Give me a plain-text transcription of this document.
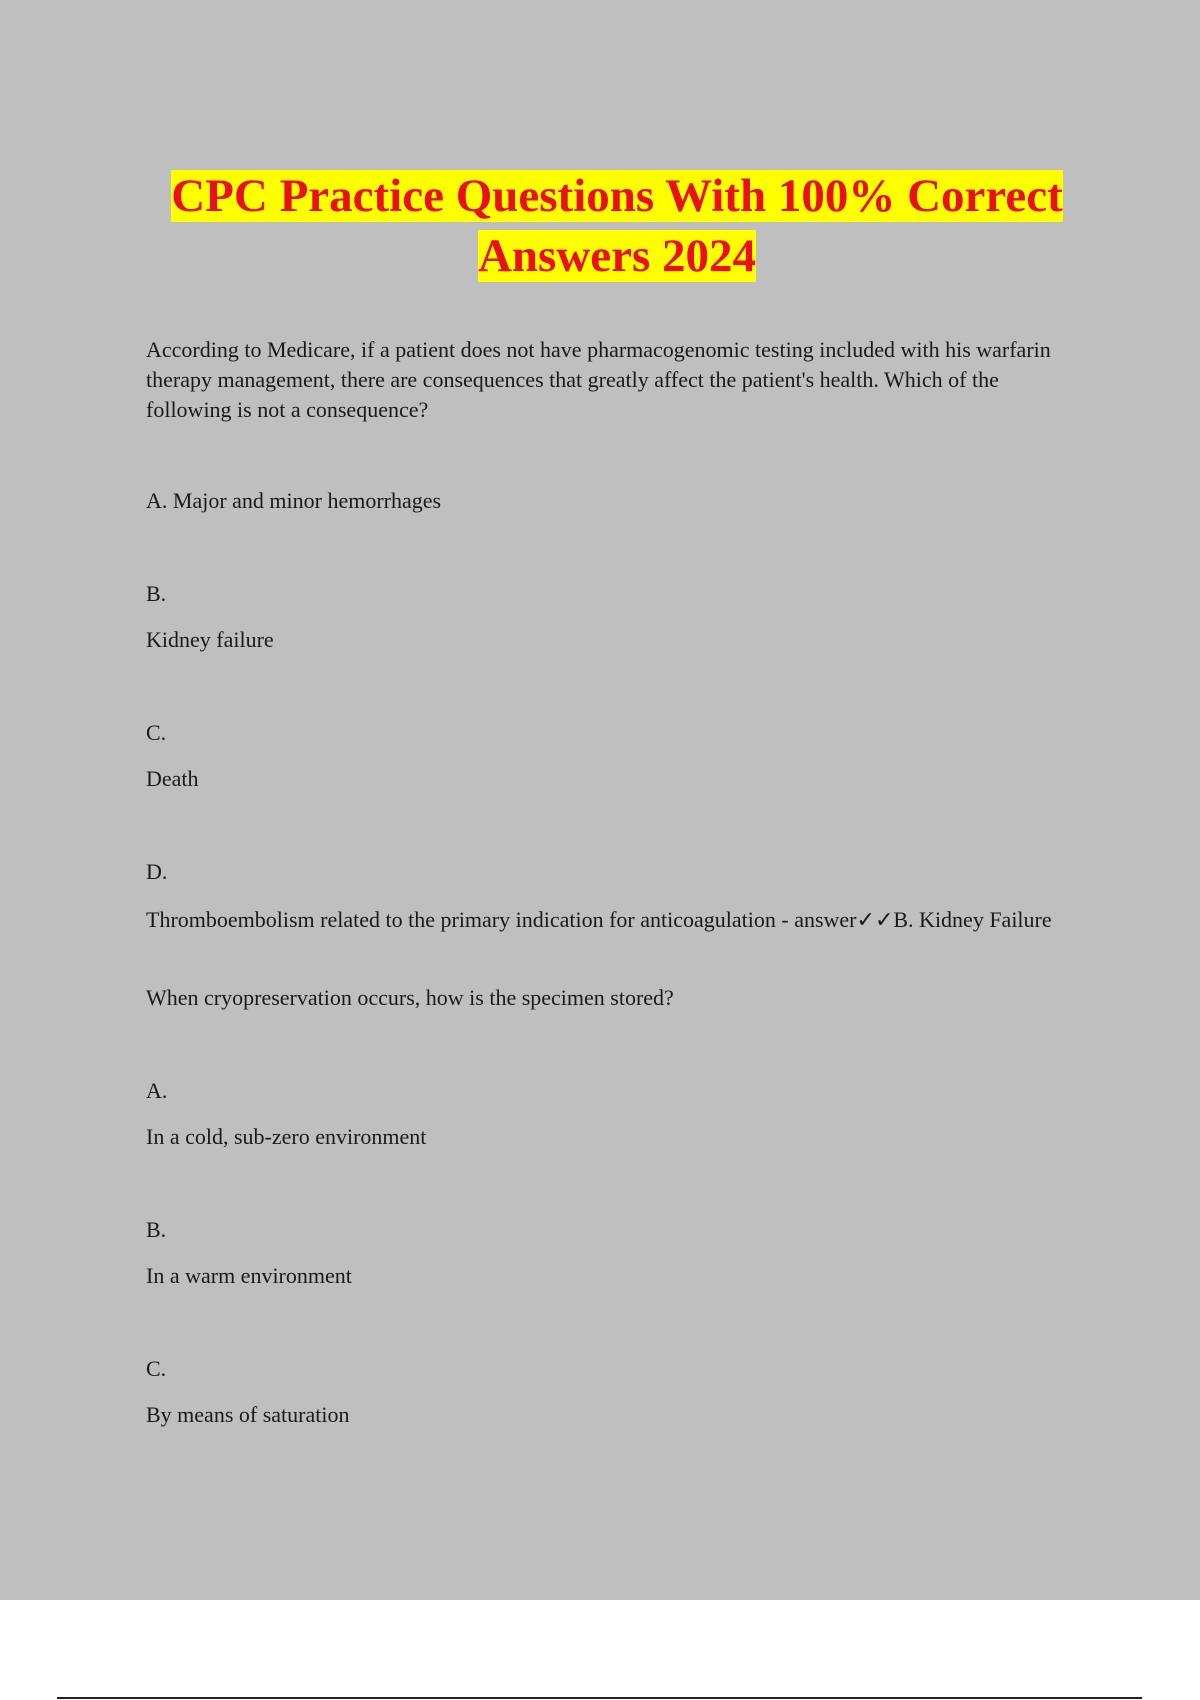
CPC Practice Questions With 100% Correct
Answers 2024

According to Medicare, if a patient does not have pharmacogenomic testing included with his warfarin therapy management, there are consequences that greatly affect the patient's health. Which of the following is not a consequence?

A. Major and minor hemorrhages

B.

Kidney failure

C.

Death

D.

Thromboembolism related to the primary indication for anticoagulation - answer✓✓B. Kidney Failure

When cryopreservation occurs, how is the specimen stored?

A.

In a cold, sub-zero environment

B.

In a warm environment

C.

By means of saturation
